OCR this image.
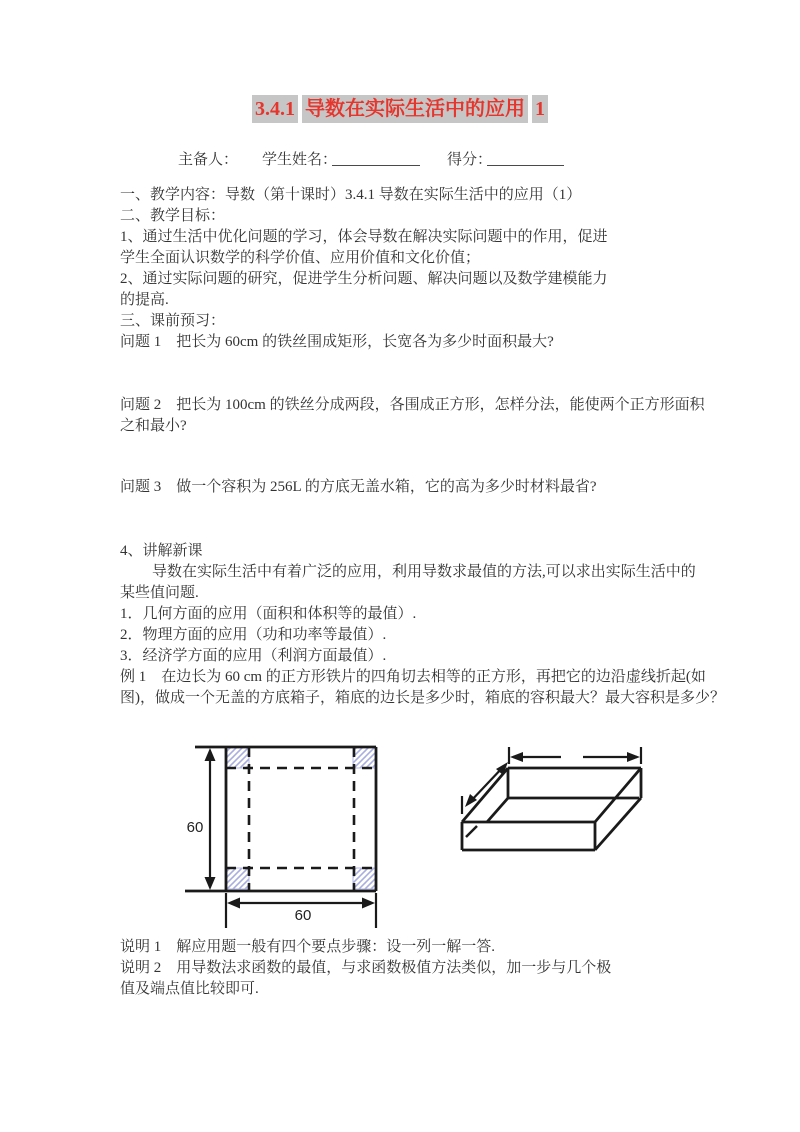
3.4.1 导数在实际生活中的应用 1
主备人： 学生姓名：	得分：
一、教学内容：导数（第十课时）3.4.1 导数在实际生活中的应用（1）
二、教学目标：
1、通过生活中优化问题的学习，体会导数在解决实际问题中的作用，促进
学生全面认识数学的科学价值、应用价值和文化价值；
2、通过实际问题的研究，促进学生分析问题、解决问题以及数学建模能力
的提高.
三、课前预习：
问题 1　把长为 60cm 的铁丝围成矩形，长宽各为多少时面积最大?
问题 2　把长为 100cm 的铁丝分成两段，各围成正方形，怎样分法，能使两个正方形面积
之和最小?
问题 3　做一个容积为 256L 的方底无盖水箱，它的高为多少时材料最省?
4、讲解新课
导数在实际生活中有着广泛的应用，利用导数求最值的方法,可以求出实际生活中的
某些值问题.
1．几何方面的应用（面积和体积等的最值）.
2．物理方面的应用（功和功率等最值）.
3．经济学方面的应用（利润方面最值）.
例 1　在边长为 60 cm 的正方形铁片的四角切去相等的正方形，再把它的边沿虚线折起(如
图)，做成一个无盖的方底箱子，箱底的边长是多少时，箱底的容积最大？最大容积是多少？
说明 1　解应用题一般有四个要点步骤：设一列一解一答.
说明 2　用导数法求函数的最值，与求函数极值方法类似，加一步与几个极
值及端点值比较即可.
60
60
